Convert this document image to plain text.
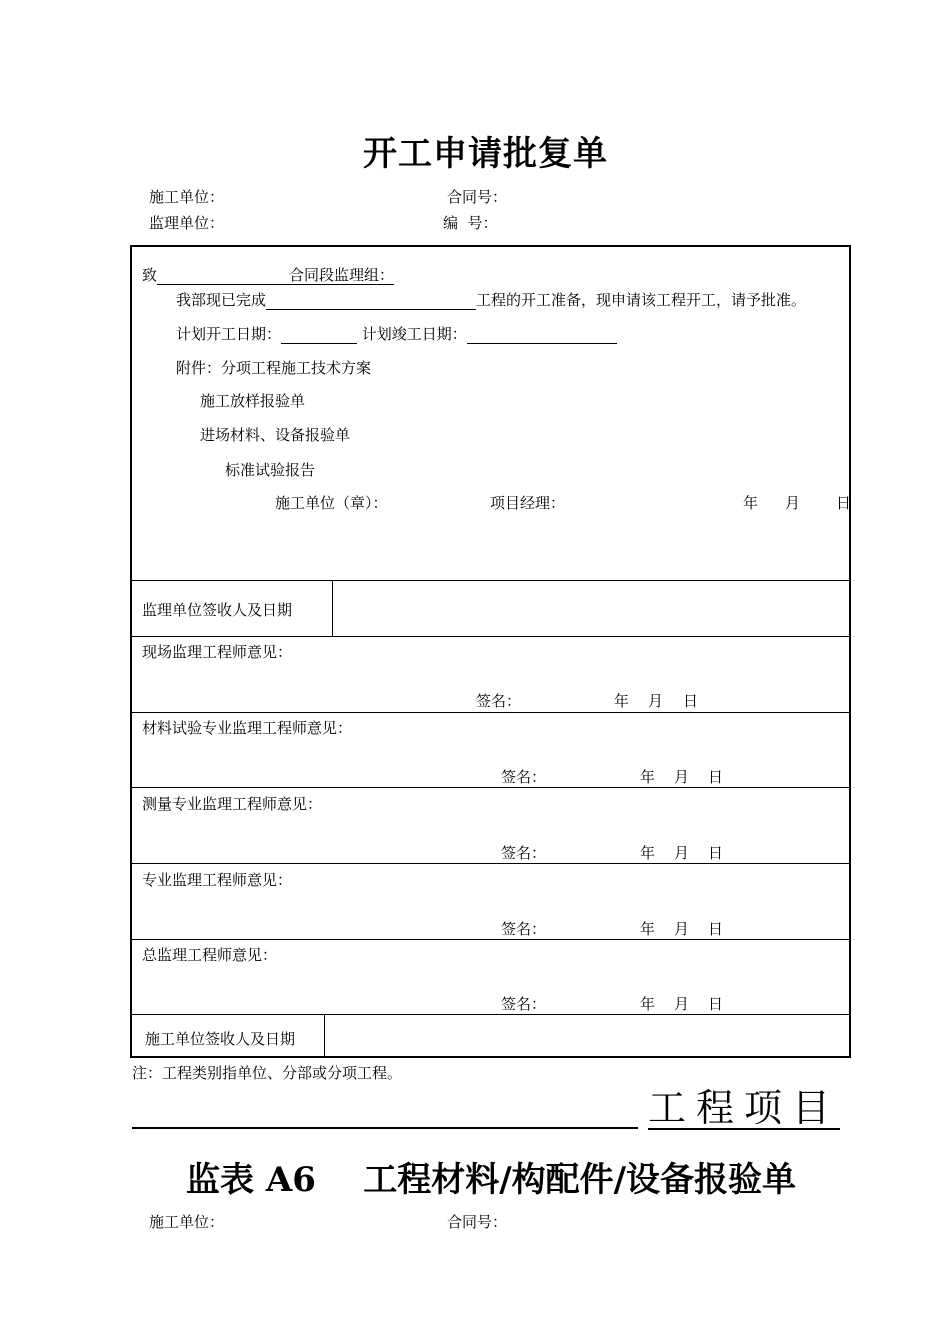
开工申请批复单
施工单位：	合同号：
监理单位：	编  号：
致	合同段监理组：
我部现已完成	工程的开工准备，现申请该工程开工，请予批准。
计划开工日期：	计划竣工日期：
附件：分项工程施工技术方案
施工放样报验单
进场材料、设备报验单
标准试验报告
施工单位（章）：	项目经理：	年 月 日
监理单位签收人及日期
现场监理工程师意见：
签名：	年 月 日
材料试验专业监理工程师意见：
签名：	年 月 日
测量专业监理工程师意见：
签名：	年 月 日
专业监理工程师意见：
签名：	年 月 日
总监理工程师意见：
签名：	年 月 日
施工单位签收人及日期
注：工程类别指单位、分部或分项工程。
工程项目
监表 A6    工程材料/构配件/设备报验单
施工单位：	合同号：
